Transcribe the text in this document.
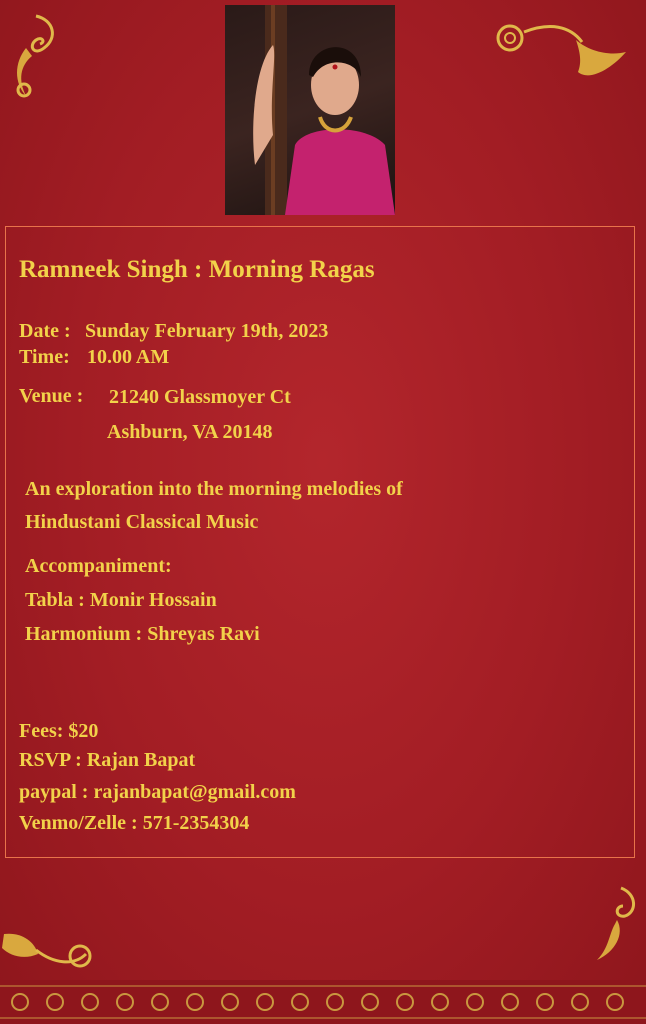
Ramneek Singh : Morning Ragas
Date : Sunday February 19th, 2023
Time: 10.00 AM
Venue : 21240 Glassmoyer Ct
Ashburn, VA 20148
An exploration into the morning melodies of
Hindustani Classical Music
Accompaniment:
Tabla : Monir Hossain
Harmonium : Shreyas Ravi
Fees: $20
RSVP : Rajan Bapat
paypal : rajanbapat@gmail.com
Venmo/Zelle : 571-2354304
